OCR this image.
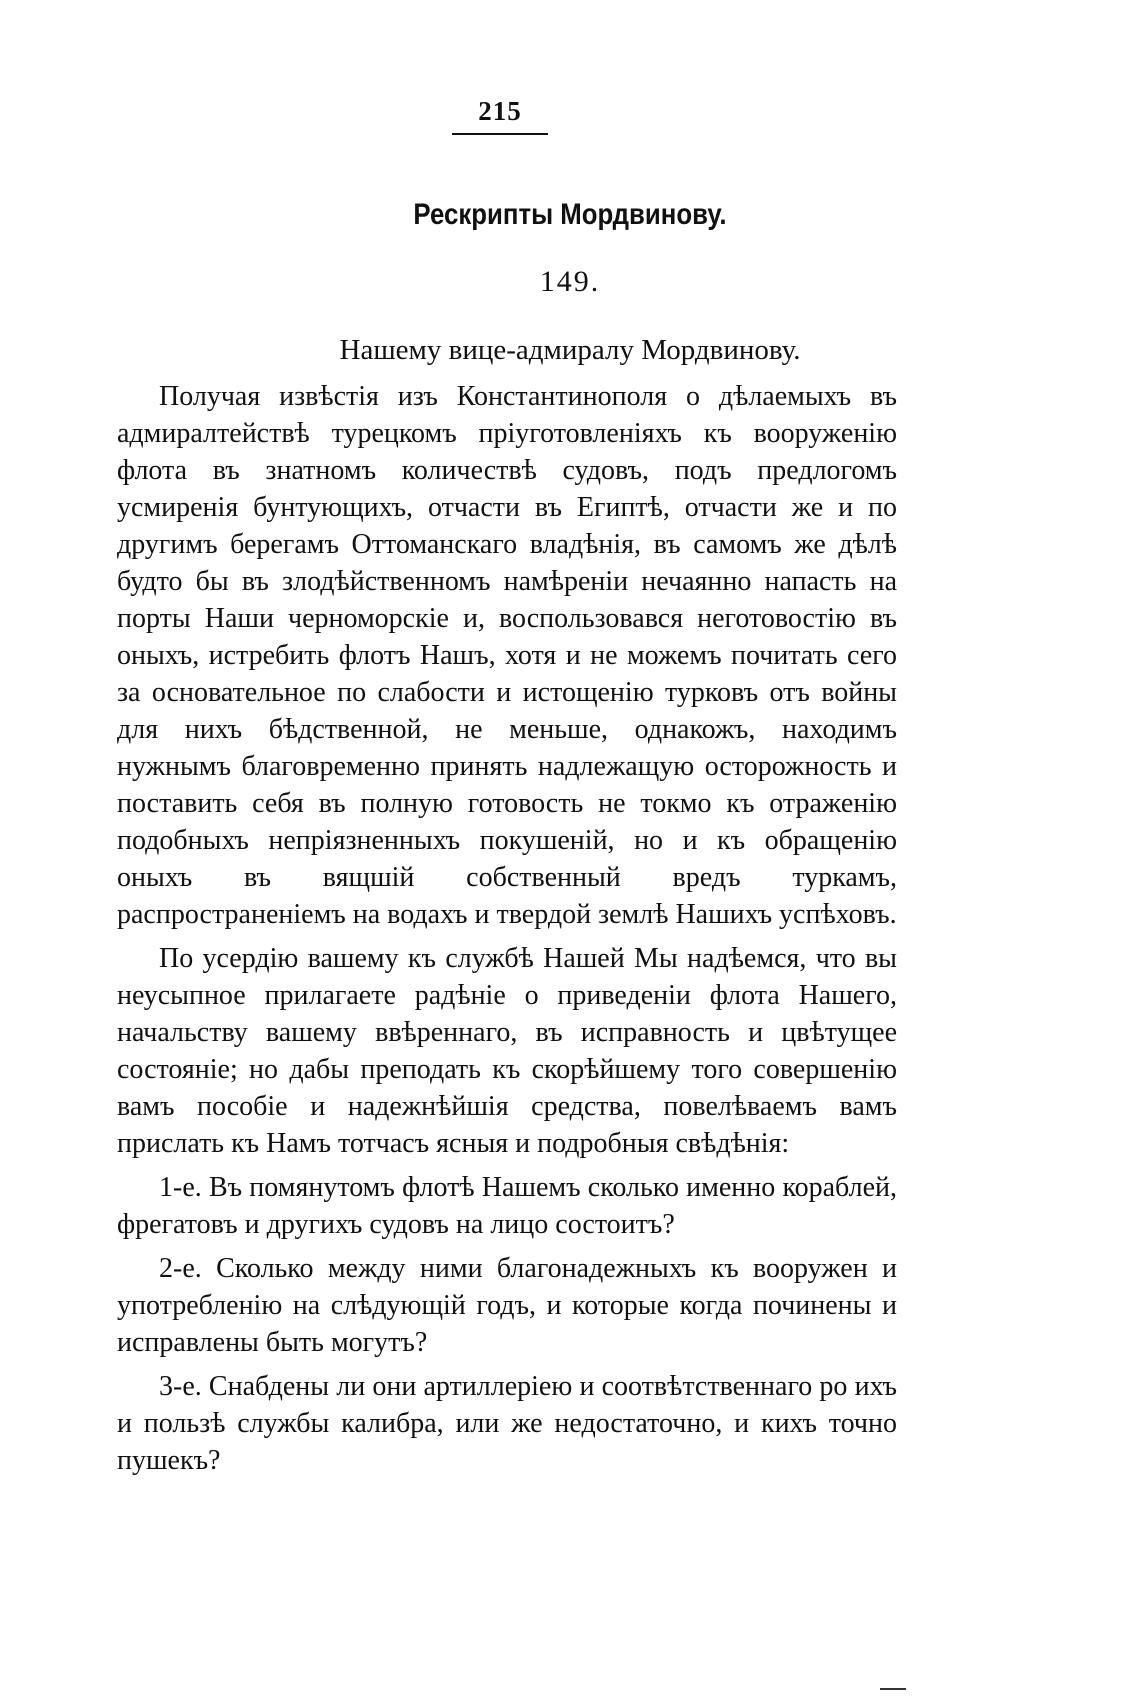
215
Рескрипты Мордвинову.
149.
Нашему вице-адмиралу Мордвинову.

Получая извѣстія изъ Константинополя о дѣлаемыхъ въ адмиралтействѣ турецкомъ пріуготовленіяхъ къ вооруженію флота въ знатномъ количествѣ судовъ, подъ предлогомъ усмиренія бунтующихъ, отчасти въ Египтѣ, отчасти же и по другимъ берегамъ Оттоманскаго владѣнія, въ самомъ же дѣлѣ будто бы въ злодѣйственномъ намѣреніи нечаянно напасть на порты Наши черноморскіе и, воспользовався неготовостію въ оныхъ, истребить флотъ Нашъ, хотя и не можемъ почитать сего за основательное по слабости и истощенію турковъ отъ войны для нихъ бѣдственной, не меньше, однакожъ, находимъ нужнымъ благовременно принять надлежащую осторожность и поставить себя въ полную готовость не токмо къ отраженію подобныхъ непріязненныхъ покушеній, но и къ обращенію оныхъ въ вящшій собственный вредъ туркамъ, распространеніемъ на водахъ и твердой землѣ Нашихъ успѣховъ.

По усердію вашему къ службѣ Нашей Мы надѣемся, что вы неусыпное прилагаете радѣніе о приведеніи флота Нашего, начальству вашему ввѣреннаго, въ исправность и цвѣтущее состояніе; но дабы преподать къ скорѣйшему того совершенію вамъ пособіе и надежнѣйшія средства, повелѣваемъ вамъ прислать къ Намъ тотчасъ ясныя и подробныя свѣдѣнія:

1-е. Въ помянутомъ флотѣ Нашемъ сколько именно кораблей, фрегатовъ и другихъ судовъ на лицо состоитъ?

2-е. Сколько между ними благонадежныхъ къ вооружен и употребленію на слѣдующій годъ, и которые когда починены и исправлены быть могутъ?

3-е. Снабдены ли они артиллеріею и соотвѣтственнаго ро ихъ и пользѣ службы калибра, или же недостаточно, и кихъ точно пушекъ?
